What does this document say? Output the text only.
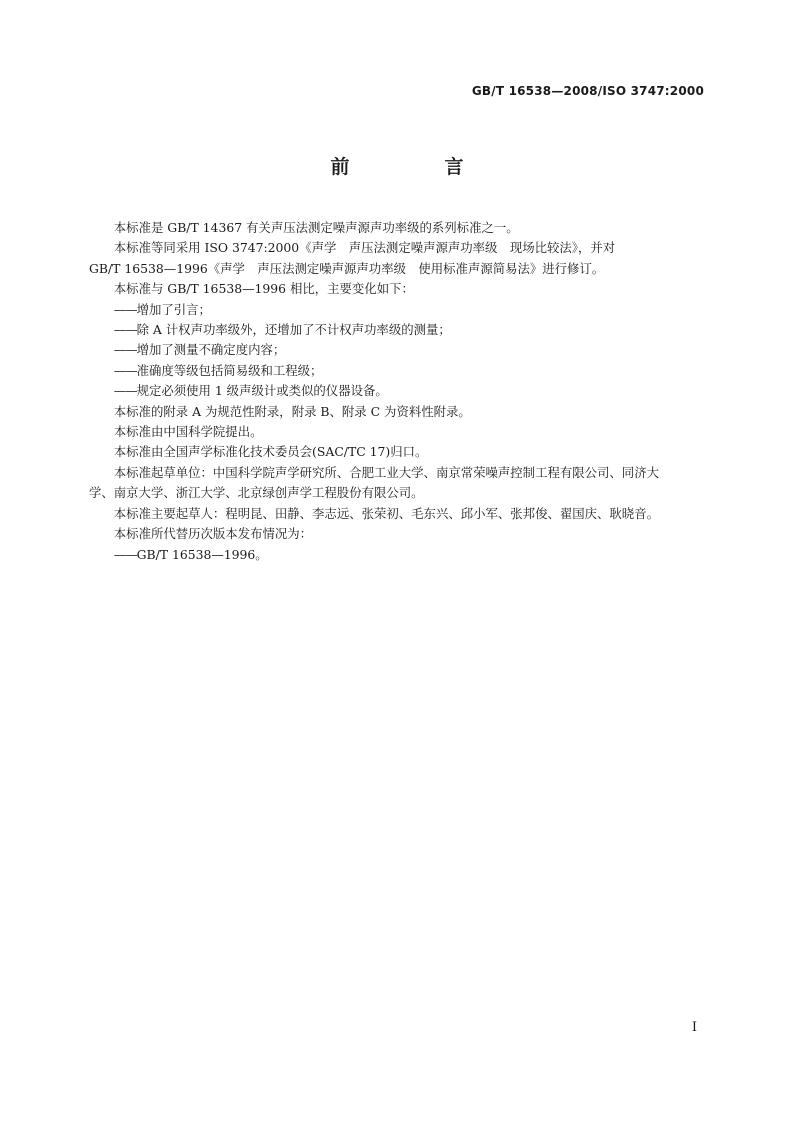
GB/T 16538—2008/ISO 3747:2000
前　言

本标准是 GB/T 14367 有关声压法测定噪声源声功率级的系列标准之一。

本标准等同采用 ISO 3747:2000《声学　声压法测定噪声源声功率级　现场比较法》，并对

GB/T 16538—1996《声学　声压法测定噪声源声功率级　使用标准声源简易法》进行修订。

本标准与 GB/T 16538—1996 相比，主要变化如下：

——增加了引言；

——除 A 计权声功率级外，还增加了不计权声功率级的测量；

——增加了测量不确定度内容；

——准确度等级包括简易级和工程级；

——规定必须使用 1 级声级计或类似的仪器设备。

本标准的附录 A 为规范性附录，附录 B、附录 C 为资料性附录。

本标准由中国科学院提出。

本标准由全国声学标准化技术委员会(SAC/TC 17)归口。

本标准起草单位：中国科学院声学研究所、合肥工业大学、南京常荣噪声控制工程有限公司、同济大

学、南京大学、浙江大学、北京绿创声学工程股份有限公司。

本标准主要起草人：程明昆、田静、李志远、张荣初、毛东兴、邱小军、张邦俊、翟国庆、耿晓音。

本标准所代替历次版本发布情况为：

——GB/T 16538—1996。

I
